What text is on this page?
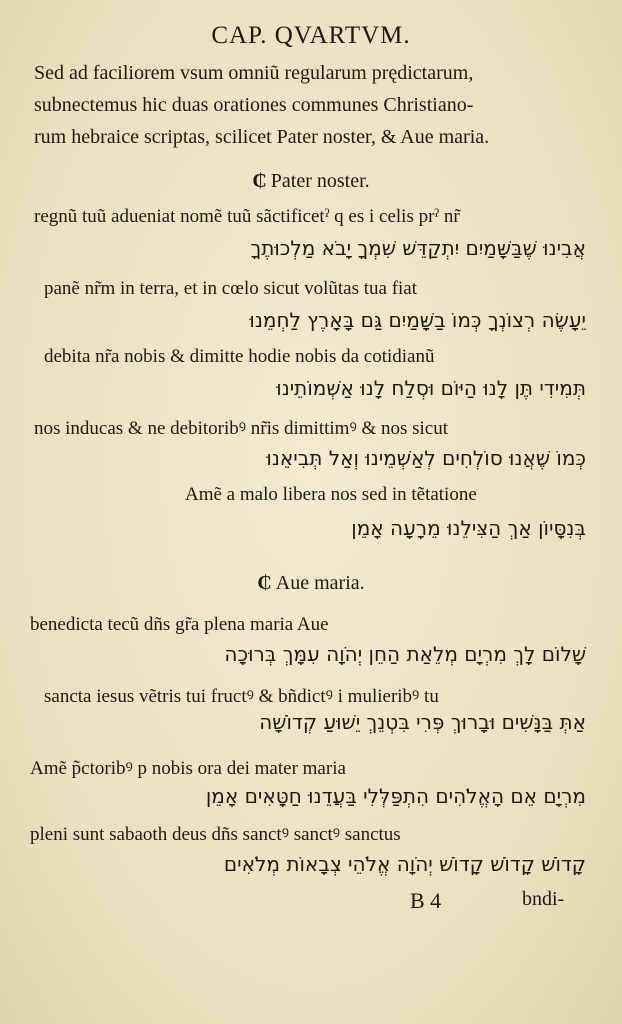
CAP. QVARTVM.
Sed ad faciliorem vsum omniũ regularum prędictarum,
subnectemus hic duas orationes communes Christiano-
rum hebraice scriptas, scilicet Pater noster, & Aue maria.
₵ Pater noster.
regnũ tuũ adueniat nomẽ tuũ sãctificetˀ q es i celis prˀ nr̃
אֲבִינוּ שֶׁבַּשָּׁמַיִם יִתְקַדֵּשׁ שִׁמְךָ יָבֹא מַלְכוּתֶךָ
panẽ nr̃m in terra, et in cœlo sicut volũtas tua fiat
יֵעָשֶׂה רְצוֹנְךָ כְּמוֹ בַשָּׁמַיִם גַּם בָּאָרֶץ לַחְמֵנוּ
debita nr̃a nobis & dimitte hodie nobis da cotidianũ
תְּמִידִי תֶּן לָנוּ הַיּוֹם וּסְלַח לָנוּ אַשְׁמוֹתֵינוּ
nos inducas & ne debitoribꝰ nr̃is dimittimꝰ & nos sicut
כְּמוֹ שֶׁאֲנוּ סוֹלְחִים לְאַשְׁמֵינוּ וְאַל תְּבִיאֵנוּ
Amẽ a malo libera nos sed in tẽtatione
בְּנִסָּיוֹן אַךְ הַצִּילֵנוּ מֵרָעָה אָמֵן
₵ Aue maria.
benedicta tecũ dñs gr̃a plena maria Aue
שָׁלוֹם לָךְ מִרְיָם מְלֵאַת הַחֵן יְהֹוָה עִמָּךְ בְּרוּכָה
sancta iesus vẽtris tui fructꝰ & bñdictꝰ i mulieribꝰ tu
אַתְּ בַּנָּשִׁים וּבָרוּךְ פְּרִי בִּטְנֵךְ יֵשׁוּעַ קְדוֹשָׁה
Amẽ p̃ctoribꝰ p nobis ora dei mater maria
מִרְיָם אֵם הָאֱלֹהִים הִתְפַּלְּלִי בַּעֲדֵנוּ חַטָּאִים אָמֵן
pleni sunt sabaoth deus dñs sanctꝰ sanctꝰ sanctus
קָדוֹשׁ קָדוֹשׁ קָדוֹשׁ יְהֹוָה אֱלֹהֵי צְבָאוֹת מְלֹאִים
B 4	bndi-
